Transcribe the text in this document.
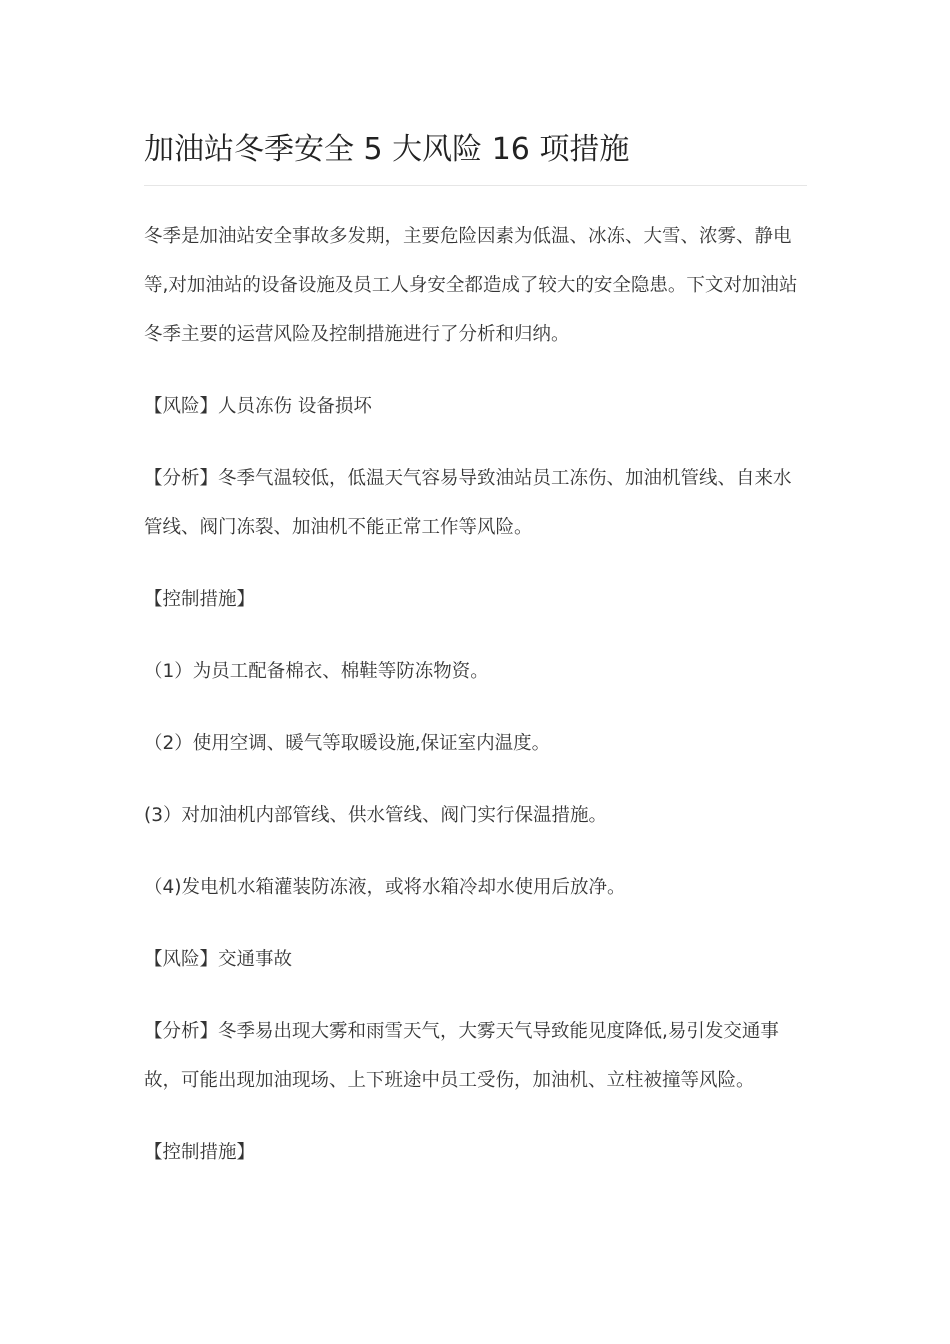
加油站冬季安全 5 大风险 16 项措施

冬季是加油站安全事故多发期，主要危险因素为低温、冰冻、大雪、浓雾、静电等,对加油站的设备设施及员工人身安全都造成了较大的安全隐患。下文对加油站冬季主要的运营风险及控制措施进行了分析和归纳。

【风险】人员冻伤 设备损坏

【分析】冬季气温较低，低温天气容易导致油站员工冻伤、加油机管线、自来水管线、阀门冻裂、加油机不能正常工作等风险。

【控制措施】

（1）为员工配备棉衣、棉鞋等防冻物资。

（2）使用空调、暖气等取暖设施,保证室内温度。

(3）对加油机内部管线、供水管线、阀门实行保温措施。

（4)发电机水箱灌装防冻液，或将水箱冷却水使用后放净。

【风险】交通事故

【分析】冬季易出现大雾和雨雪天气，大雾天气导致能见度降低,易引发交通事故，可能出现加油现场、上下班途中员工受伤，加油机、立柱被撞等风险。

【控制措施】
